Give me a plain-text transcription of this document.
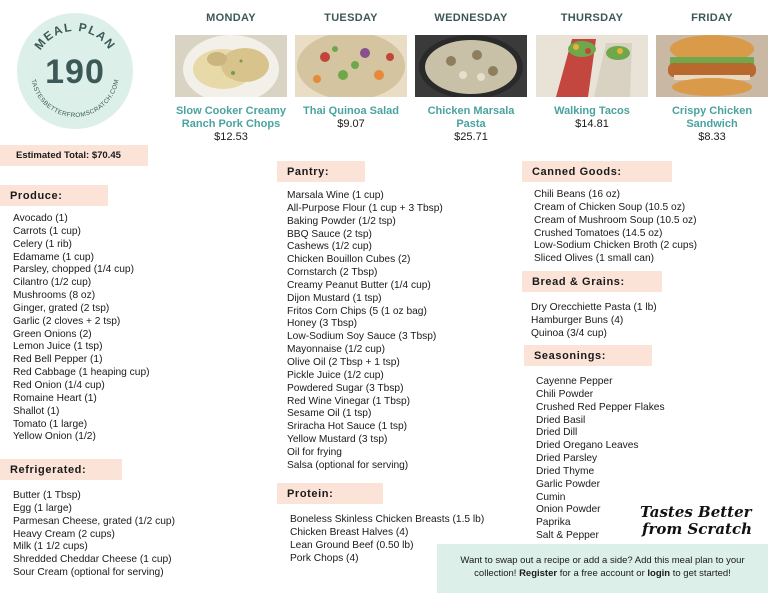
MEAL PLAN
TASTESBETTERFROMSCRATCH.COM
190
MONDAY
Slow Cooker Creamy Ranch Pork Chops
$12.53
TUESDAY
Thai Quinoa Salad
$9.07
WEDNESDAY
Chicken Marsala Pasta
$25.71
THURSDAY
Walking Tacos
$14.81
FRIDAY
Crispy Chicken Sandwich
$8.33
Estimated Total: $70.45
Produce:
Avocado (1)
Carrots (1 cup)
Celery (1 rib)
Edamame (1 cup)
Parsley, chopped (1/4 cup)
Cilantro (1/2 cup)
Mushrooms (8 oz)
Ginger, grated (2 tsp)
Garlic (2 cloves + 2 tsp)
Green Onions (2)
Lemon Juice (1 tsp)
Red Bell Pepper (1)
Red Cabbage (1 heaping cup)
Red Onion (1/4 cup)
Romaine Heart (1)
Shallot (1)
Tomato (1 large)
Yellow Onion (1/2)
Refrigerated:
Butter (1 Tbsp)
Egg (1 large)
Parmesan Cheese, grated (1/2 cup)
Heavy Cream (2 cups)
Milk (1 1/2 cups)
Shredded Cheddar Cheese (1 cup)
Sour Cream (optional for serving)
Pantry:
Marsala Wine (1 cup)
All-Purpose Flour (1 cup + 3 Tbsp)
Baking Powder (1/2 tsp)
BBQ Sauce (2 tsp)
Cashews (1/2 cup)
Chicken Bouillon Cubes (2)
Cornstarch (2 Tbsp)
Creamy Peanut Butter (1/4 cup)
Dijon Mustard (1 tsp)
Fritos Corn Chips (5 (1 oz bag)
Honey (3 Tbsp)
Low-Sodium Soy Sauce (3 Tbsp)
Mayonnaise (1/2 cup)
Olive Oil (2 Tbsp + 1 tsp)
Pickle Juice (1/2 cup)
Powdered Sugar (3 Tbsp)
Red Wine Vinegar (1 Tbsp)
Sesame Oil (1 tsp)
Sriracha Hot Sauce (1 tsp)
Yellow Mustard (3 tsp)
Oil for frying
Salsa (optional for serving)
Protein:
Boneless Skinless Chicken Breasts (1.5 lb)
Chicken Breast Halves (4)
Lean Ground Beef (0.50 lb)
Pork Chops (4)
Canned Goods:
Chili Beans (16 oz)
Cream of Chicken Soup (10.5 oz)
Cream of Mushroom Soup (10.5 oz)
Crushed Tomatoes (14.5 oz)
Low-Sodium Chicken Broth (2 cups)
Sliced Olives (1 small can)
Bread & Grains:
Dry Orecchiette Pasta (1 lb)
Hamburger Buns (4)
Quinoa (3/4 cup)
Seasonings:
Cayenne Pepper
Chili Powder
Crushed Red Pepper Flakes
Dried Basil
Dried Dill
Dried Oregano Leaves
Dried Parsley
Dried Thyme
Garlic Powder
Cumin
Onion Powder
Paprika
Salt & Pepper
Tastes Better
from Scratch
Want to swap out a recipe or add a side? Add this meal plan to your collection! Register for a free account or login to get started!
